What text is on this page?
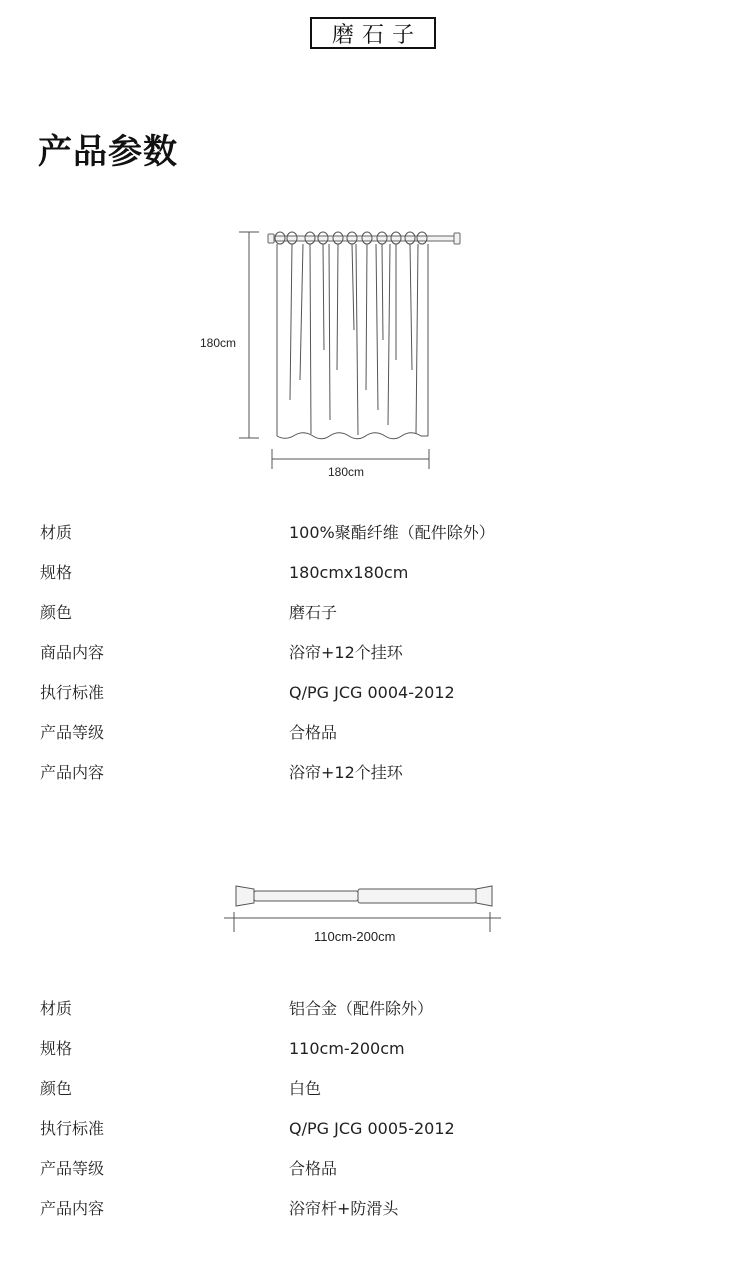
磨石子
产品参数
180cm
180cm
材质	100%聚酯纤维（配件除外）
规格	180cmx180cm
颜色	磨石子
商品内容	浴帘+12个挂环
执行标准	Q/PG JCG 0004-2012
产品等级	合格品
产品内容	浴帘+12个挂环
110cm-200cm
材质	铝合金（配件除外）
规格	110cm-200cm
颜色	白色
执行标准	Q/PG JCG 0005-2012
产品等级	合格品
产品内容	浴帘杆+防滑头
